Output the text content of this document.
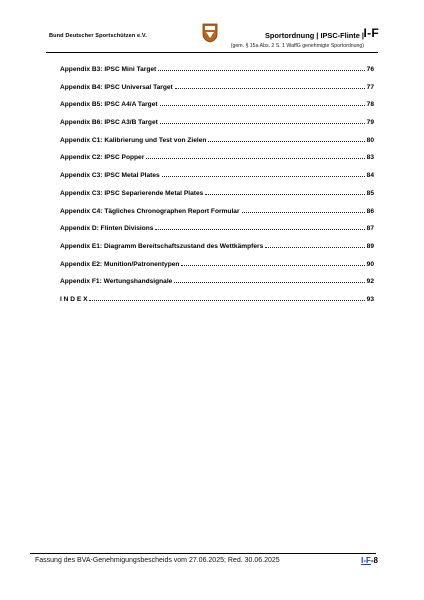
Bund Deutscher Sportschützen e.V.	Sportordnung | IPSC-Flinte | I-F
(gem. § 15a Abs. 2 S. 1 WaffG genehmigte Sportordnung)
Appendix B3: IPSC Mini Target	76
Appendix B4: IPSC Universal Target	77
Appendix B5: IPSC A4/A Target	78
Appendix B6: IPSC A3/B Target	79
Appendix C1: Kalibrierung und Test von Zielen	80
Appendix C2: IPSC Popper	83
Appendix C3: IPSC Metal Plates	84
Appendix C3: IPSC Separierende Metal Plates	85
Appendix C4: Tägliches Chronographen Report Formular	86
Appendix D: Flinten Divisions	87
Appendix E1: Diagramm Bereitschaftszustand des Wettkämpfers	89
Appendix E2: Munition/Patronentypen	90
Appendix F1: Wertungshandsignale	92
I N D E X	93
Fassung des BVA-Genehmigungsbescheids vom 27.06.2025; Red. 30.06.2025	I-F-8
